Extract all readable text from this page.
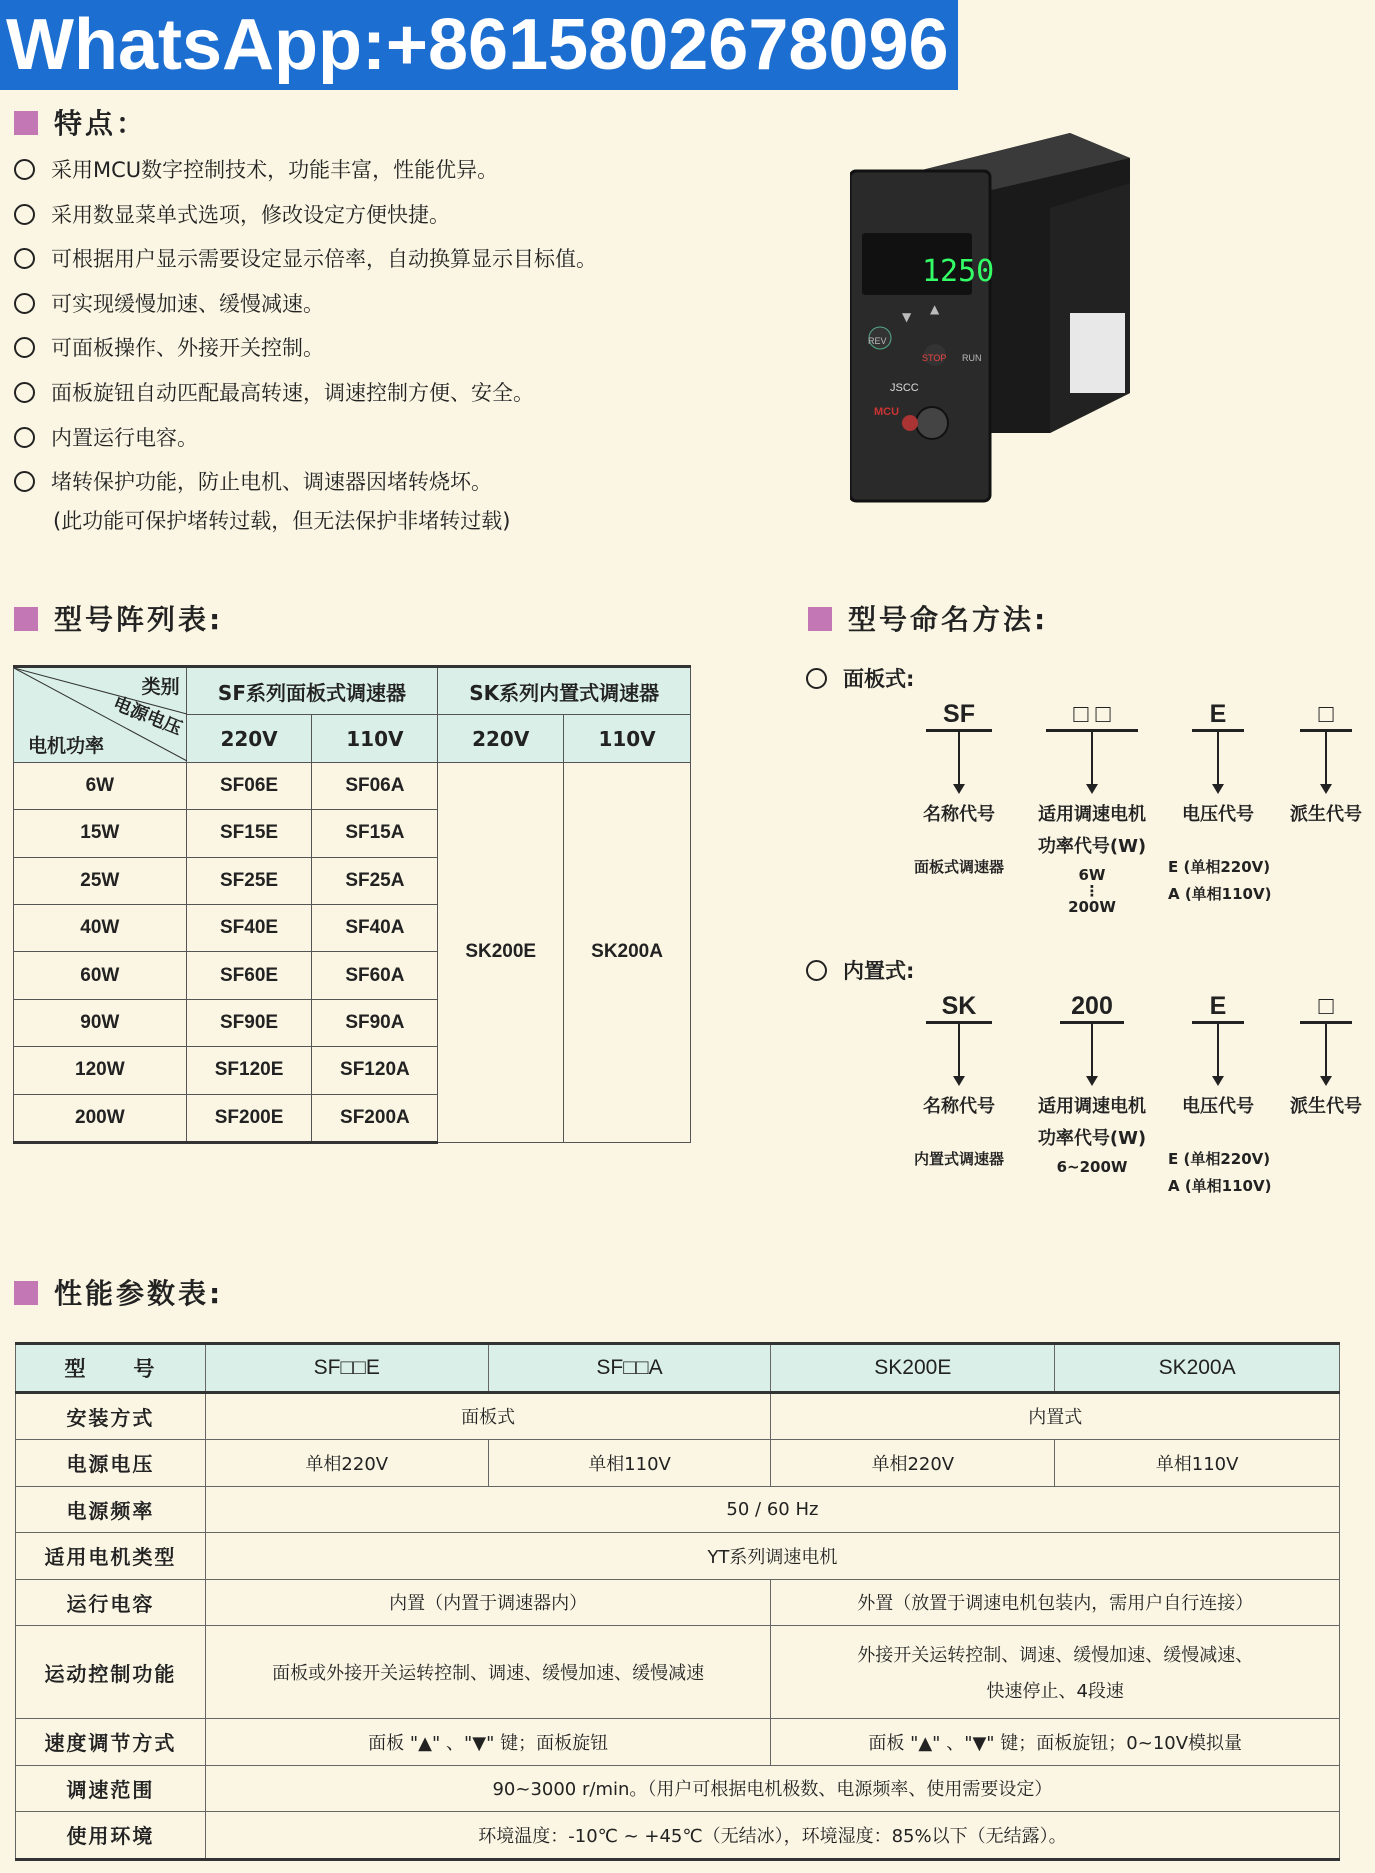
WhatsApp:+8615802678096
特点：
采用MCU数字控制技术，功能丰富，性能优异。
采用数显菜单式选项，修改设定方便快捷。
可根据用户显示需要设定显示倍率，自动换算显示目标值。
可实现缓慢加速、缓慢减速。
可面板操作、外接开关控制。
面板旋钮自动匹配最高转速，调速控制方便、安全。
内置运行电容。
堵转保护功能，防止电机、调速器因堵转烧坏。
(此功能可保护堵转过载，但无法保护非堵转过载)
1250
JSCC
MCU
REV
STOP RUN
▼
▲
型号阵列表:
类别
电源电压
电机功率	SF系列面板式调速器		SK系列内置式调速器	
	220V	110V	220V	110V
6W	SF06E	SF06A	SK200E	SK200A
15W	SF15E	SF15A		
25W	SF25E	SF25A		
40W	SF40E	SF40A		
60W	SF60E	SF60A		
90W	SF90E	SF90A		
120W	SF120E	SF120A		
200W	SF200E	SF200A		
型号命名方法:
面板式:
SF
名称代号
面板式调速器
□ □
适用调速电机
功率代号(W)
6W
⋮
200W
E
电压代号
E (单相220V)
A (单相110V)
□
派生代号
内置式:
SK
名称代号
内置式调速器
200
适用调速电机
功率代号(W)
6~200W
E
电压代号
E (单相220V)
A (单相110V)
□
派生代号
性能参数表:
型　　号	SF□□E	SF□□A	SK200E	SK200A
安装方式	面板式		内置式	
电源电压	单相220V	单相110V	单相220V	单相110V
电源频率	50 / 60 Hz			
适用电机类型	YT系列调速电机			
运行电容	内置（内置于调速器内）		外置（放置于调速电机包装内，需用户自行连接）	
运动控制功能	面板或外接开关运转控制、调速、缓慢加速、缓慢减速		外接开关运转控制、调速、缓慢加速、缓慢减速、
快速停止、4段速	

速度调节方式	面板 "▲" 、"▼" 键；面板旋钮		面板 "▲" 、"▼" 键；面板旋钮；0~10V模拟量	
调速范围	90~3000 r/min。（用户可根据电机极数、电源频率、使用需要设定）			
使用环境	环境温度：-10℃ ~ +45℃（无结冰），环境湿度：85%以下（无结露）。			
